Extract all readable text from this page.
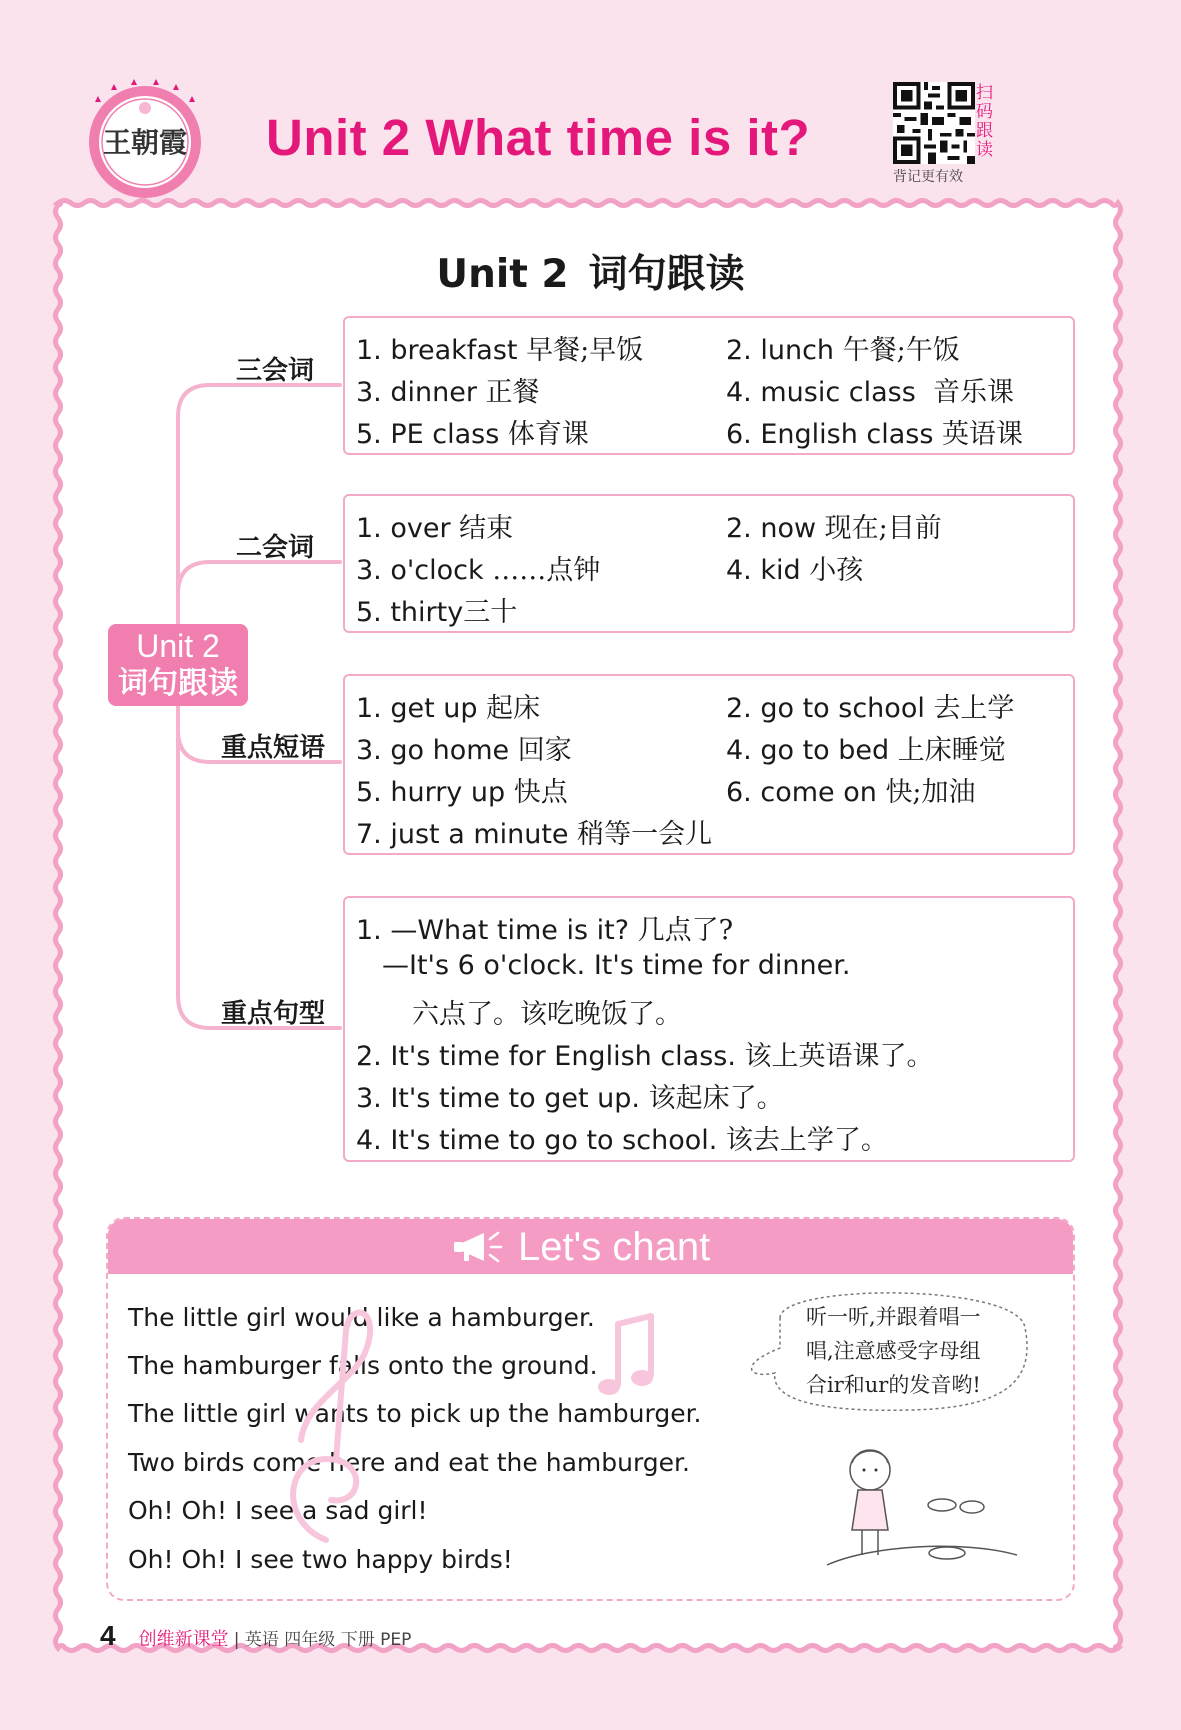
王朝霞 Unit 2 What time is it?
扫
码
跟
读
背记更有效
Unit 2 词句跟读
Unit 2
词句跟读
三会词
二会词
重点短语
重点句型
1. breakfast 早餐;早饭	2. lunch 午餐;午饭
3. dinner 正餐	4. music class 音乐课
5. PE class 体育课	6. English class 英语课
1. over 结束	2. now 现在;目前
3. o'clock ……点钟	4. kid 小孩
5. thirty三十
1. get up 起床	2. go to school 去上学
3. go home 回家	4. go to bed 上床睡觉
5. hurry up 快点	6. come on 快;加油
7. just a minute 稍等一会儿
1. —What time is it? 几点了?
—It's 6 o'clock. It's time for dinner.
六点了。该吃晚饭了。
2. It's time for English class. 该上英语课了。
3. It's time to get up. 该起床了。
4. It's time to go to school. 该去上学了。
Let's chant
The little girl would like a hamburger.
The hamburger falls onto the ground.
The little girl wants to pick up the hamburger.
Two birds come here and eat the hamburger.
Oh! Oh! I see a sad girl!
Oh! Oh! I see two happy birds!
听一听,并跟着唱一
唱,注意感受字母组
合ir和ur的发音哟!
4 创维新课堂 | 英语 四年级 下册 PEP
